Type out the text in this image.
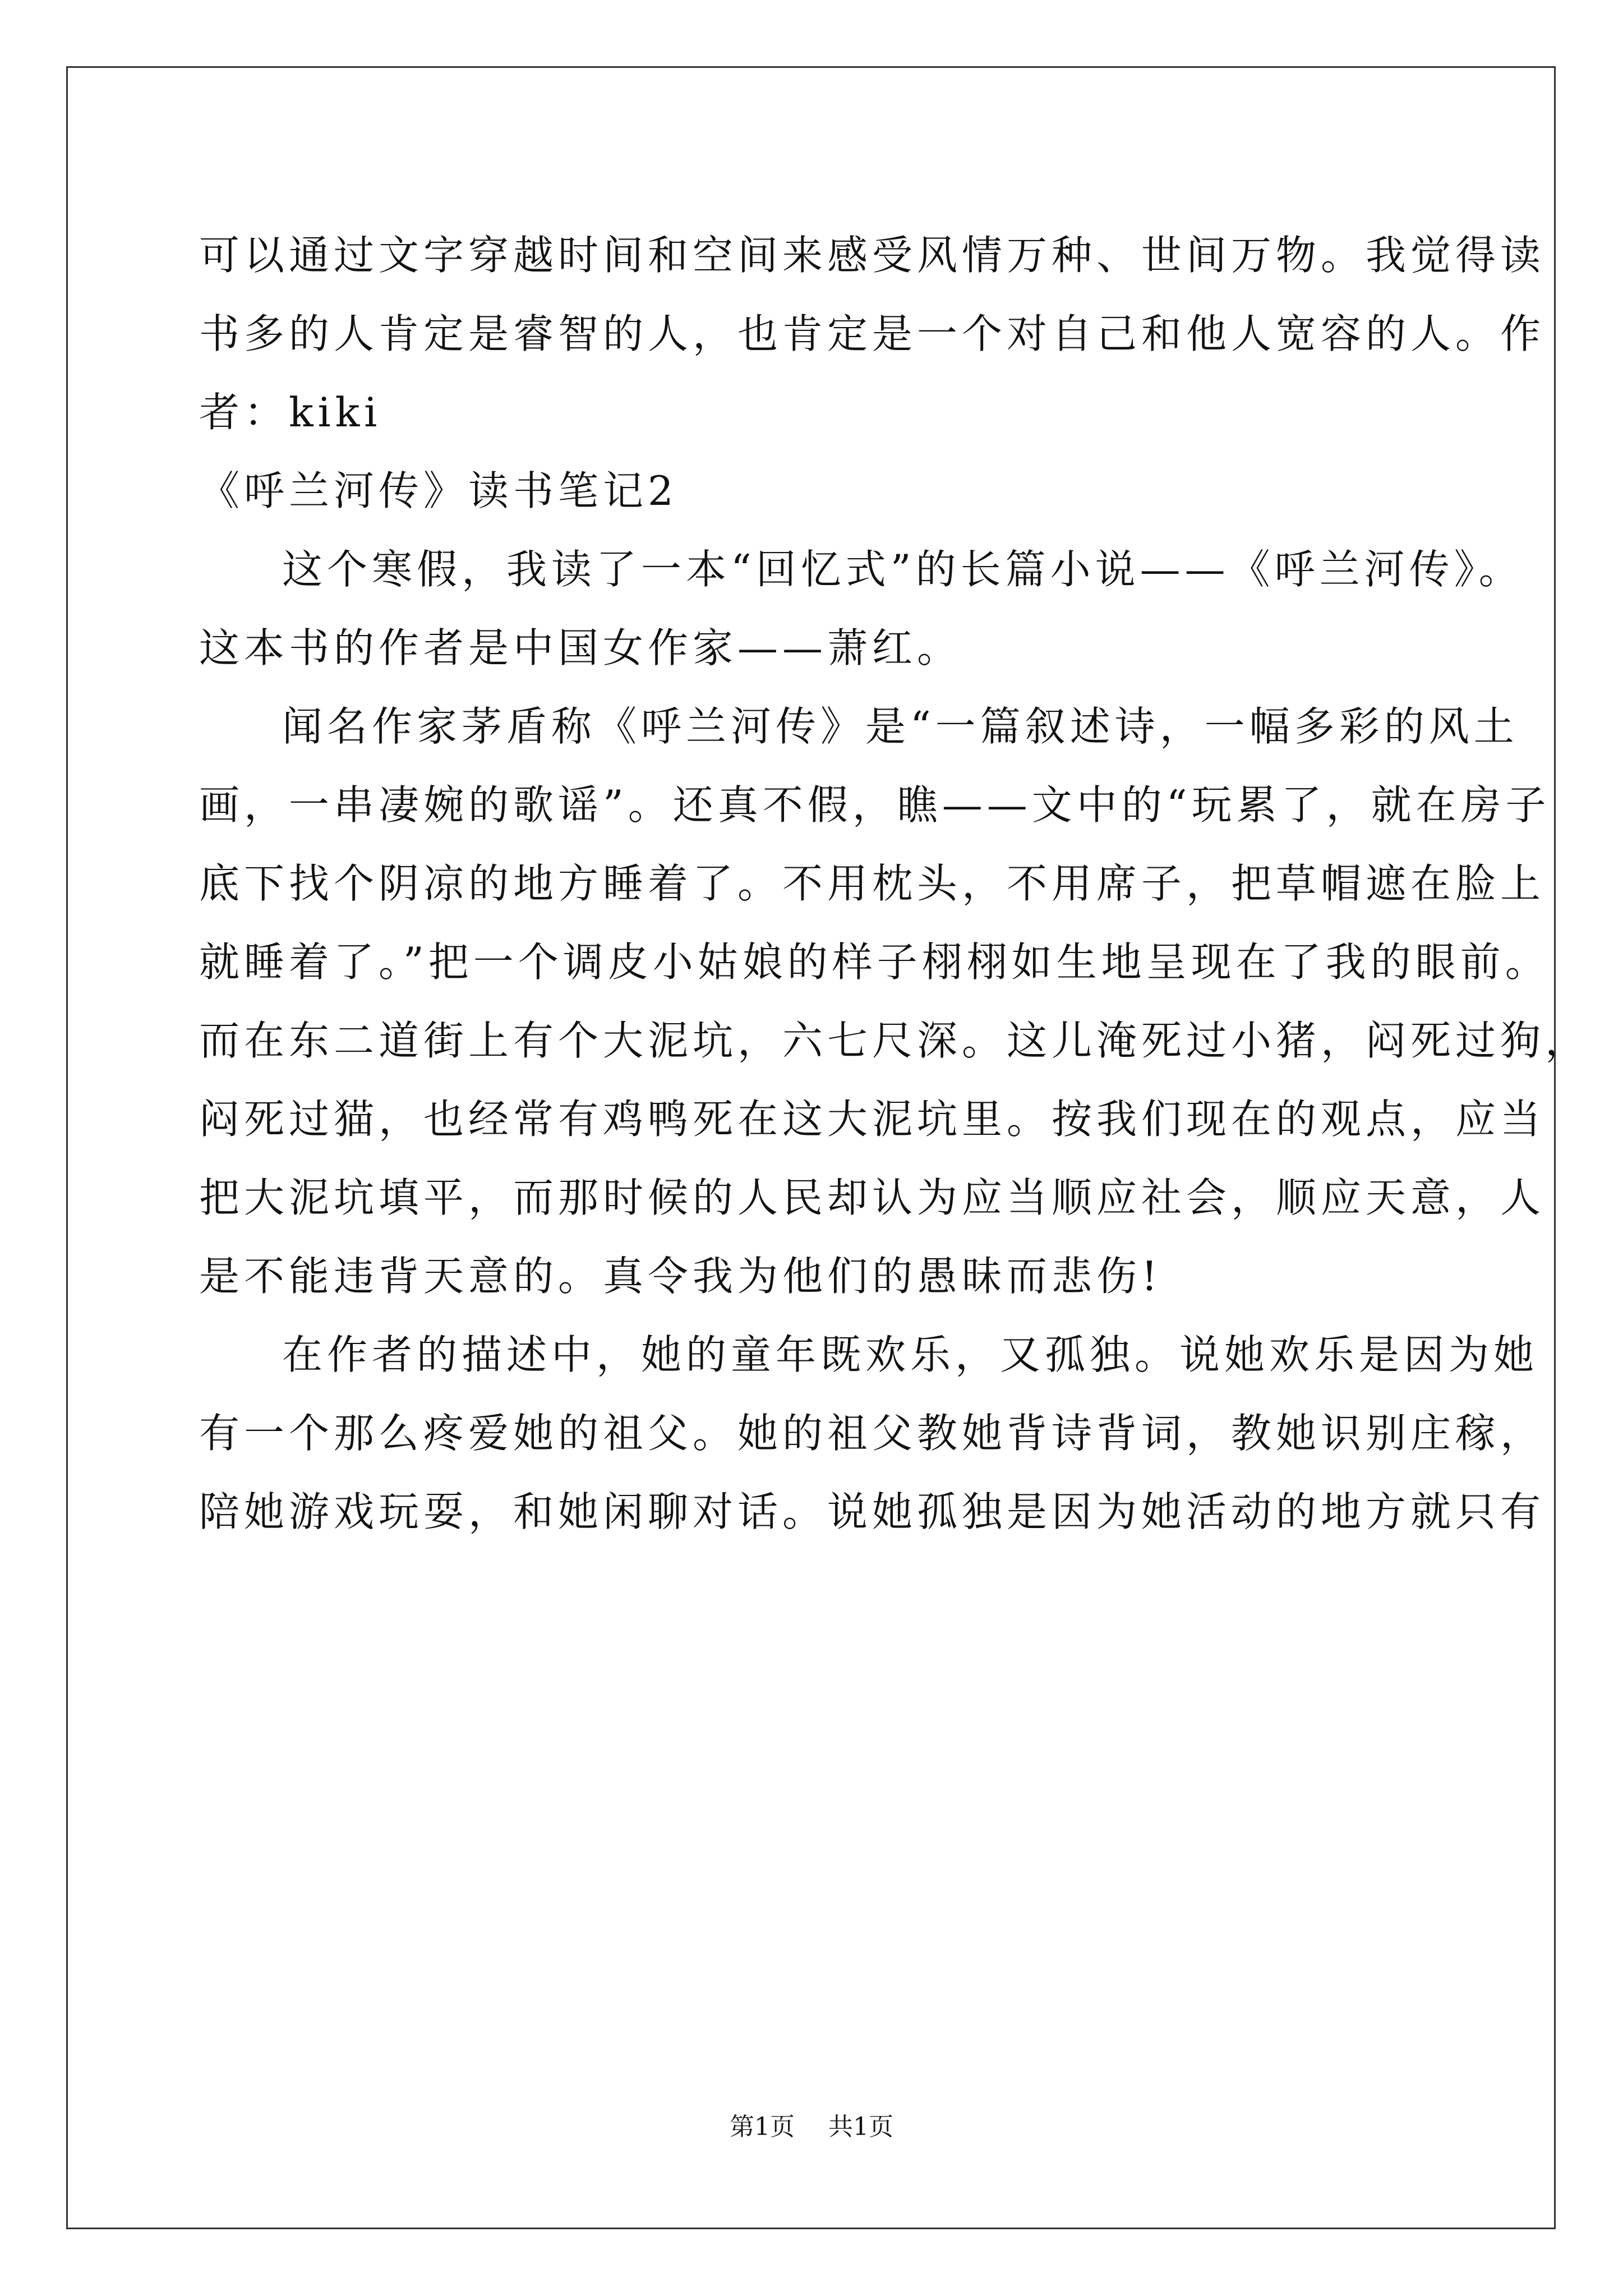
可以通过文字穿越时间和空间来感受风情万种、世间万物。我觉得读
书多的人肯定是睿智的人，也肯定是一个对自己和他人宽容的人。作
者：kiki
《呼兰河传》读书笔记2
这个寒假，我读了一本“回忆式”的长篇小说——《呼兰河传》。
这本书的作者是中国女作家——萧红。
闻名作家茅盾称《呼兰河传》是“一篇叙述诗，一幅多彩的风土
画，一串凄婉的歌谣”。还真不假，瞧——文中的“玩累了，就在房子
底下找个阴凉的地方睡着了。不用枕头，不用席子，把草帽遮在脸上
就睡着了。”把一个调皮小姑娘的样子栩栩如生地呈现在了我的眼前。
而在东二道街上有个大泥坑，六七尺深。这儿淹死过小猪，闷死过狗，
闷死过猫，也经常有鸡鸭死在这大泥坑里。按我们现在的观点，应当
把大泥坑填平，而那时候的人民却认为应当顺应社会，顺应天意，人
是不能违背天意的。真令我为他们的愚昧而悲伤!
在作者的描述中，她的童年既欢乐，又孤独。说她欢乐是因为她
有一个那么疼爱她的祖父。她的祖父教她背诗背词，教她识别庄稼，
陪她游戏玩耍，和她闲聊对话。说她孤独是因为她活动的地方就只有
第1页 共1页
